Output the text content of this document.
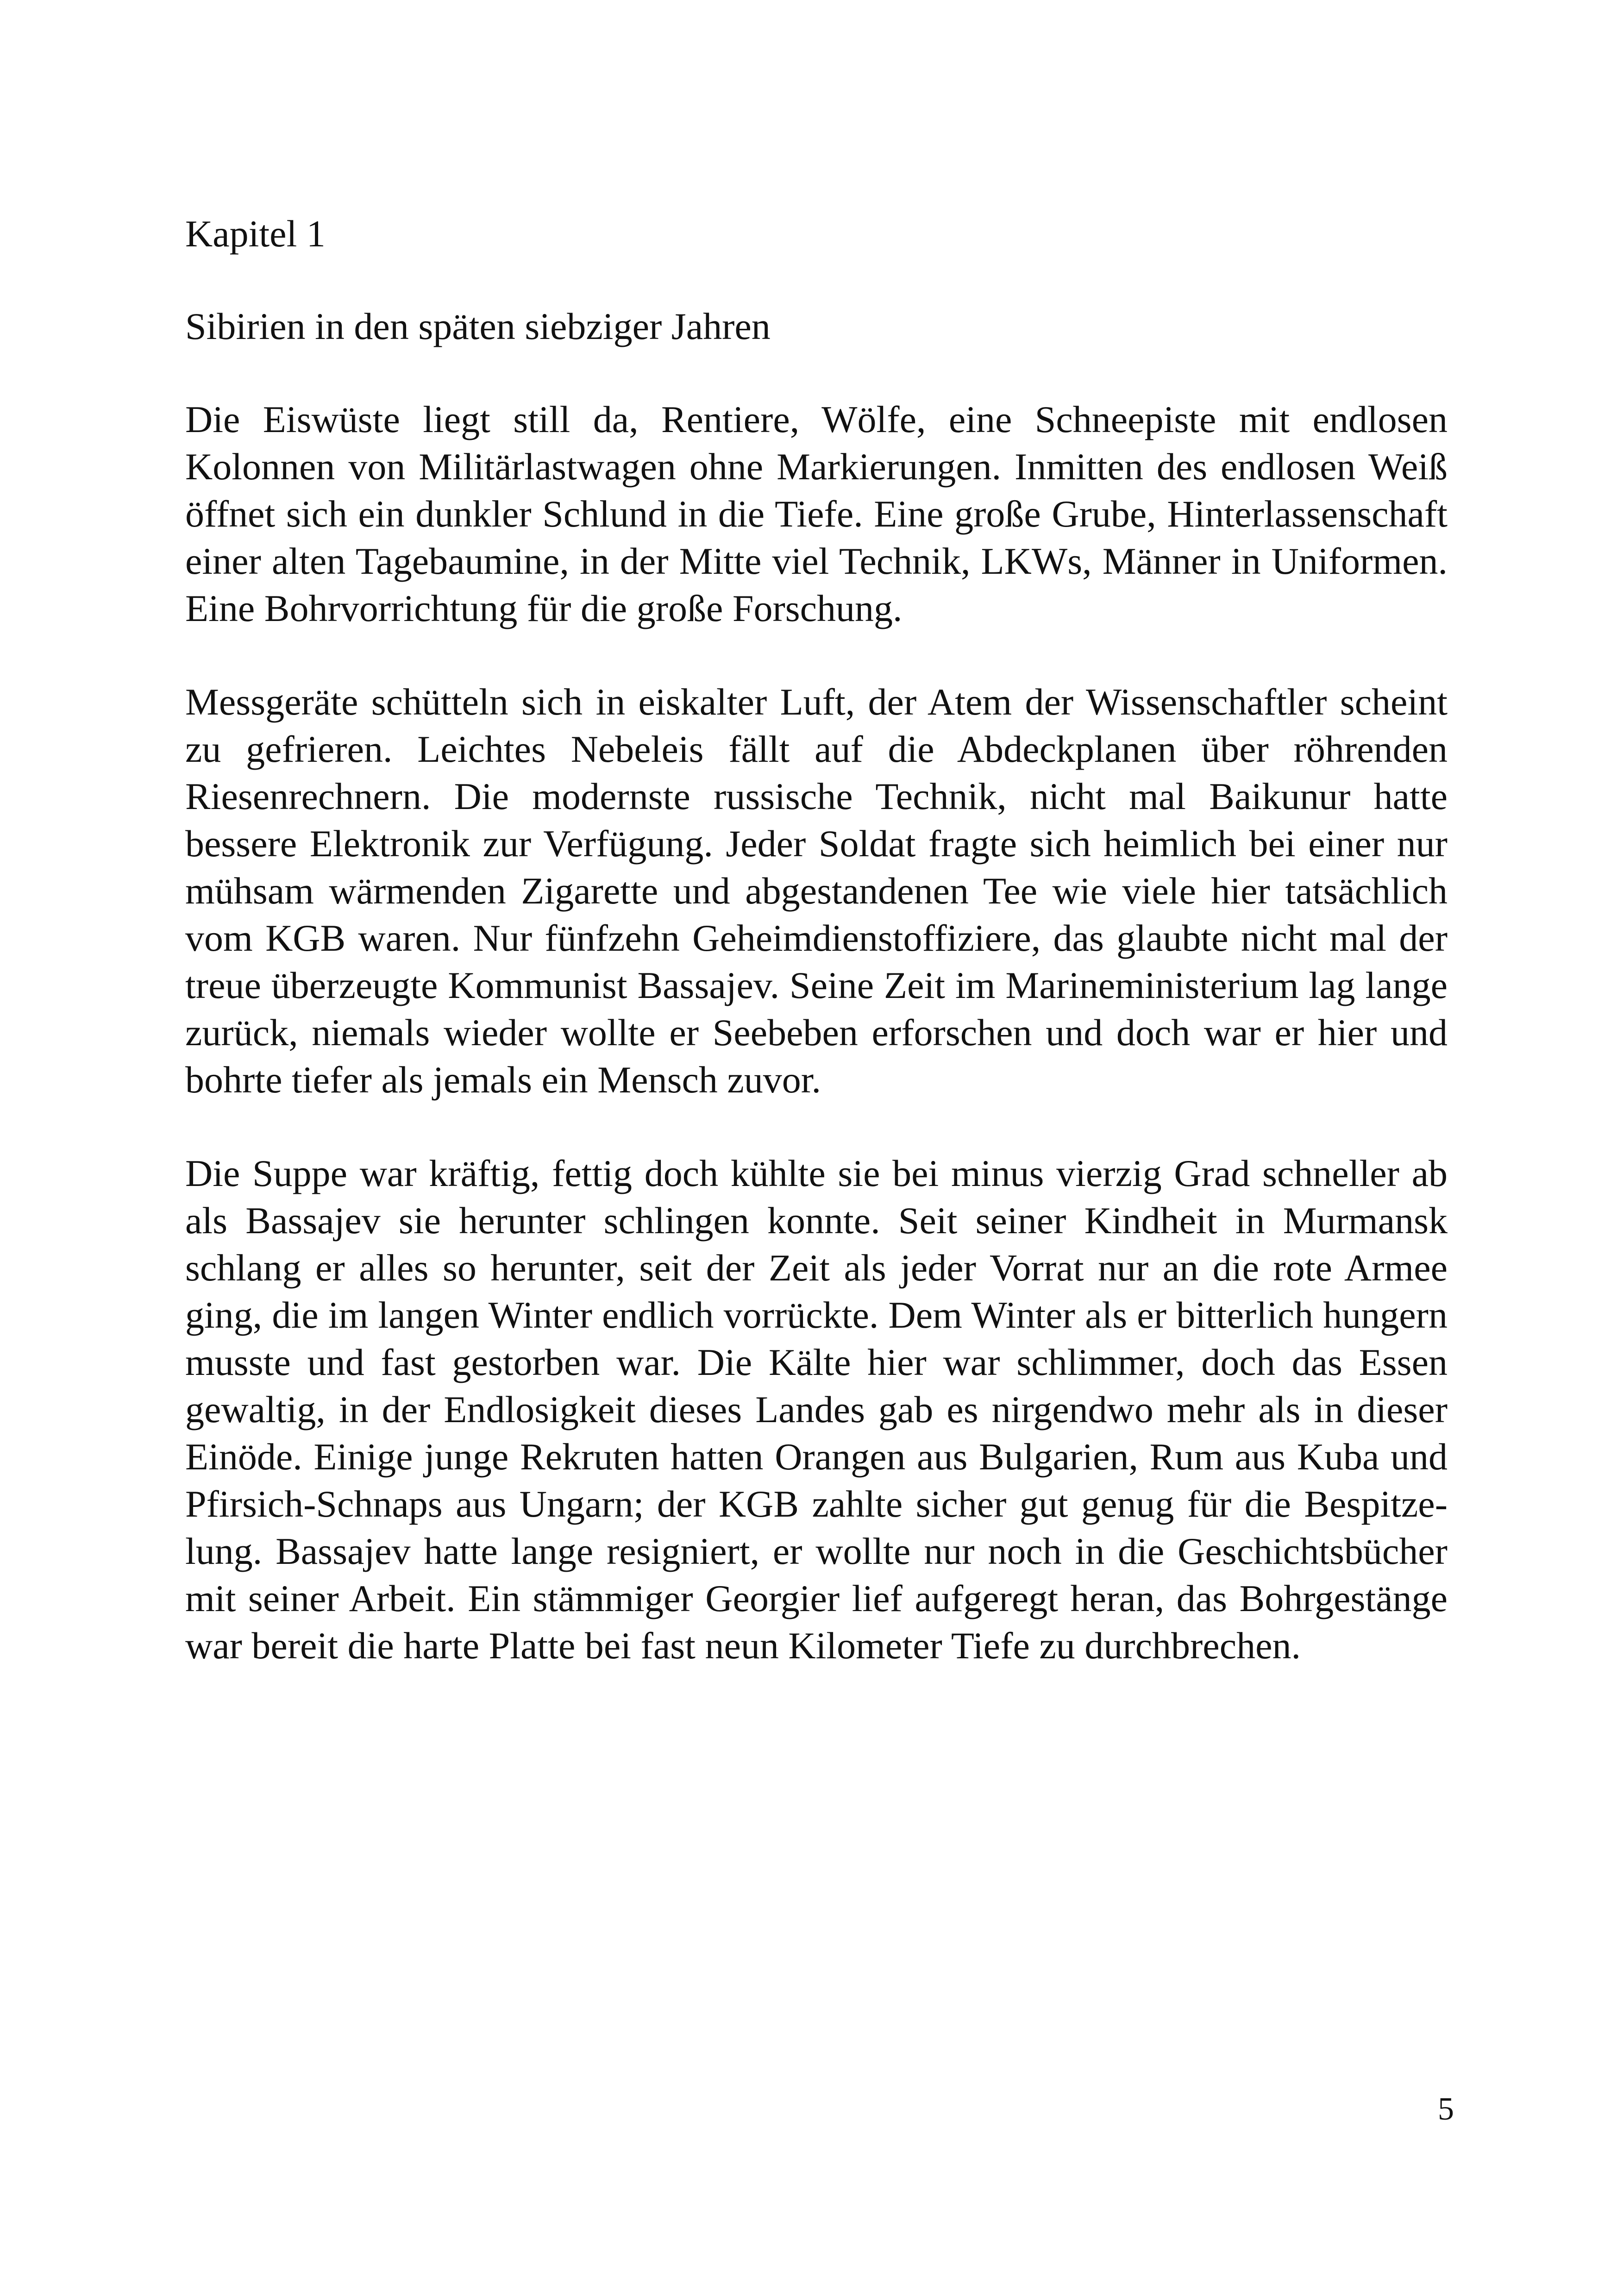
Kapitel 1
Sibirien in den späten siebziger Jahren

Die Eiswüste liegt still da, Rentiere, Wölfe, eine Schneepiste mit endlosen Kolonnen von Militärlastwagen ohne Markierungen. Inmitten des endlosen Weiß öffnet sich ein dunkler Schlund in die Tiefe. Eine große Grube, Hinterlassenschaft einer alten Tagebaumine, in der Mitte viel Technik, LKWs, Männer in Uniformen. Eine Bohrvorrichtung für die große Forschung.

Messgeräte schütteln sich in eiskalter Luft, der Atem der Wissenschaftler scheint zu gefrieren. Leichtes Nebeleis fällt auf die Abdeckplanen über röhrenden Riesenrechnern. Die modernste russische Technik, nicht mal Baikunur hatte bessere Elektronik zur Verfügung. Jeder Soldat fragte sich heimlich bei einer nur mühsam wärmenden Zigarette und abgestandenen Tee wie viele hier tatsächlich vom KGB waren. Nur fünfzehn Geheimdienstoffiziere, das glaubte nicht mal der treue überzeugte Kommunist Bassajev. Seine Zeit im Marineministerium lag lange zurück, niemals wieder wollte er Seebeben erforschen und doch war er hier und bohrte tiefer als jemals ein Mensch zuvor.

Die Suppe war kräftig, fettig doch kühlte sie bei minus vierzig Grad schneller ab als Bassajev sie herunter schlingen konnte. Seit seiner Kindheit in Murmansk schlang er alles so herunter, seit der Zeit als jeder Vorrat nur an die rote Armee ging, die im langen Winter endlich vorrückte. Dem Winter als er bitterlich hungern musste und fast gestorben war. Die Kälte hier war schlimmer, doch das Essen gewaltig, in der Endlosigkeit dieses Landes gab es nirgendwo mehr als in dieser Einöde. Einige junge Rekruten hatten Orangen aus Bulgarien, Rum aus Kuba und Pfirsich-Schnaps aus Ungarn; der KGB zahlte sicher gut genug für die Bespitzelung. Bassajev hatte lange resigniert, er wollte nur noch in die Geschichtsbücher mit seiner Arbeit. Ein stämmiger Georgier lief aufgeregt heran, das Bohrgestänge war bereit die harte Platte bei fast neun Kilometer Tiefe zu durchbrechen.

5
